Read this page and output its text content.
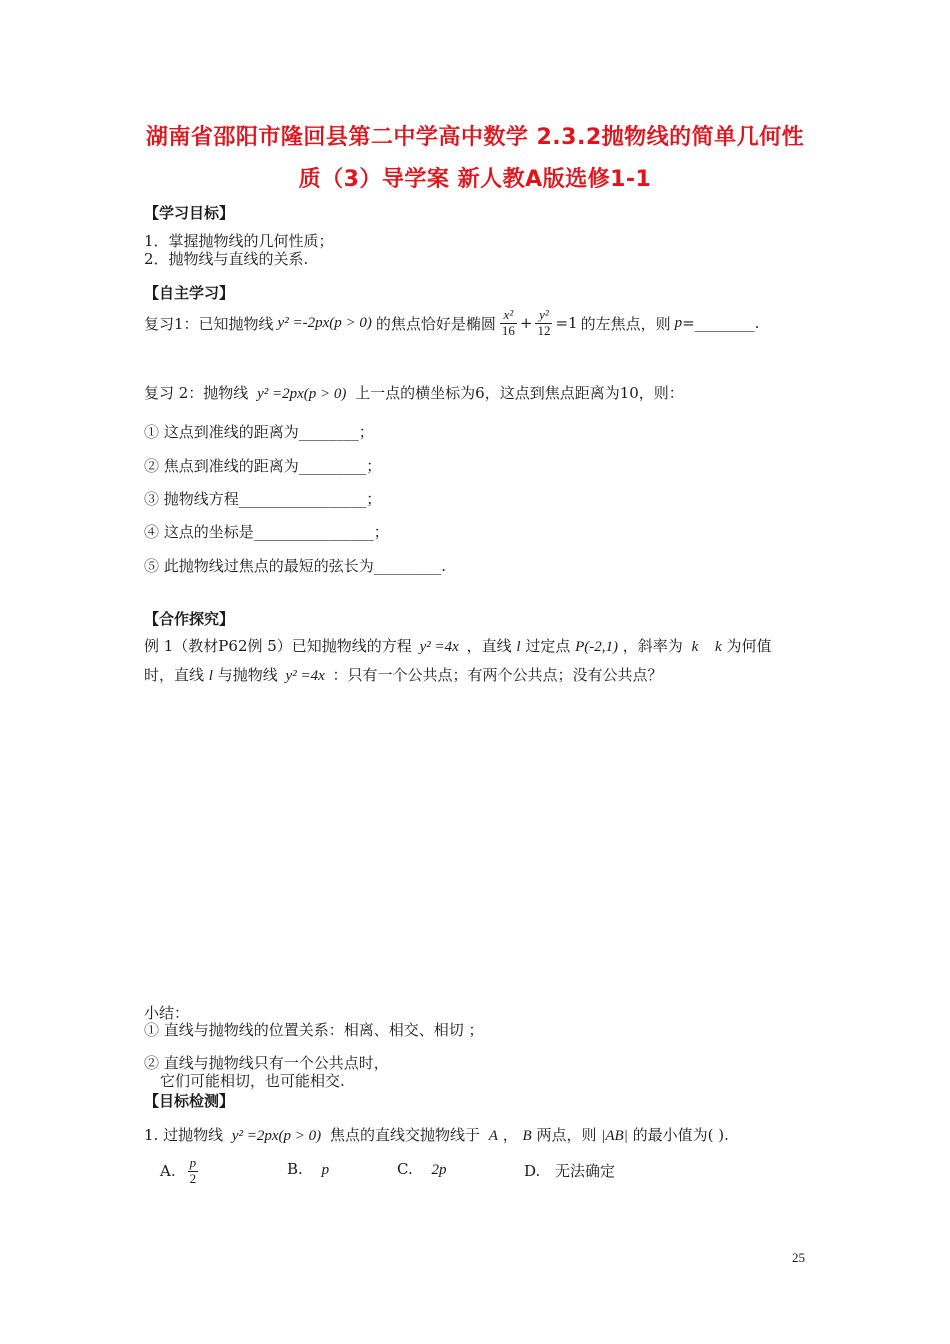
湖南省邵阳市隆回县第二中学高中数学 2.3.2抛物线的简单几何性
质（3）导学案 新人教A版选修1-1
【学习目标】
1．掌握抛物线的几何性质；
2．抛物线与直线的关系.
【自主学习】
复习1：已知抛物线 y² =-2px(p > 0) 的焦点恰好是椭圆 $\frac{\text{x²}}{16} + \frac{\text{y²}}{12} =1$ 的左焦点，则 p =________.
复习 2：抛物线 y² =2px(p > 0) 上一点的横坐标为6，这点到焦点距离为10，则：
① 这点到准线的距离为________；
② 焦点到准线的距离为_________；
③ 抛物线方程_________________；
④ 这点的坐标是________________；
⑤ 此抛物线过焦点的最短的弦长为_________.
【合作探究】
例 1（教材P62例 5）已知抛物线的方程 y² =4x ，直线 l 过定点 P(-2,1) ，斜率为 k k 为何值
时，直线 l 与抛物线 y² =4x ：只有一个公共点；有两个公共点；没有公共点？
小结：
① 直线与抛物线的位置关系：相离、相交、相切 ；
② 直线与抛物线只有一个公共点时，
它们可能相切，也可能相交.
【目标检测】
1. 过抛物线 y² =2px(p > 0) 焦点的直线交抛物线于 A ， B 两点，则 |AB| 的最小值为( ).
A. $\frac{p}{2}$	B. p	C. 2p	D. 无法确定
25
